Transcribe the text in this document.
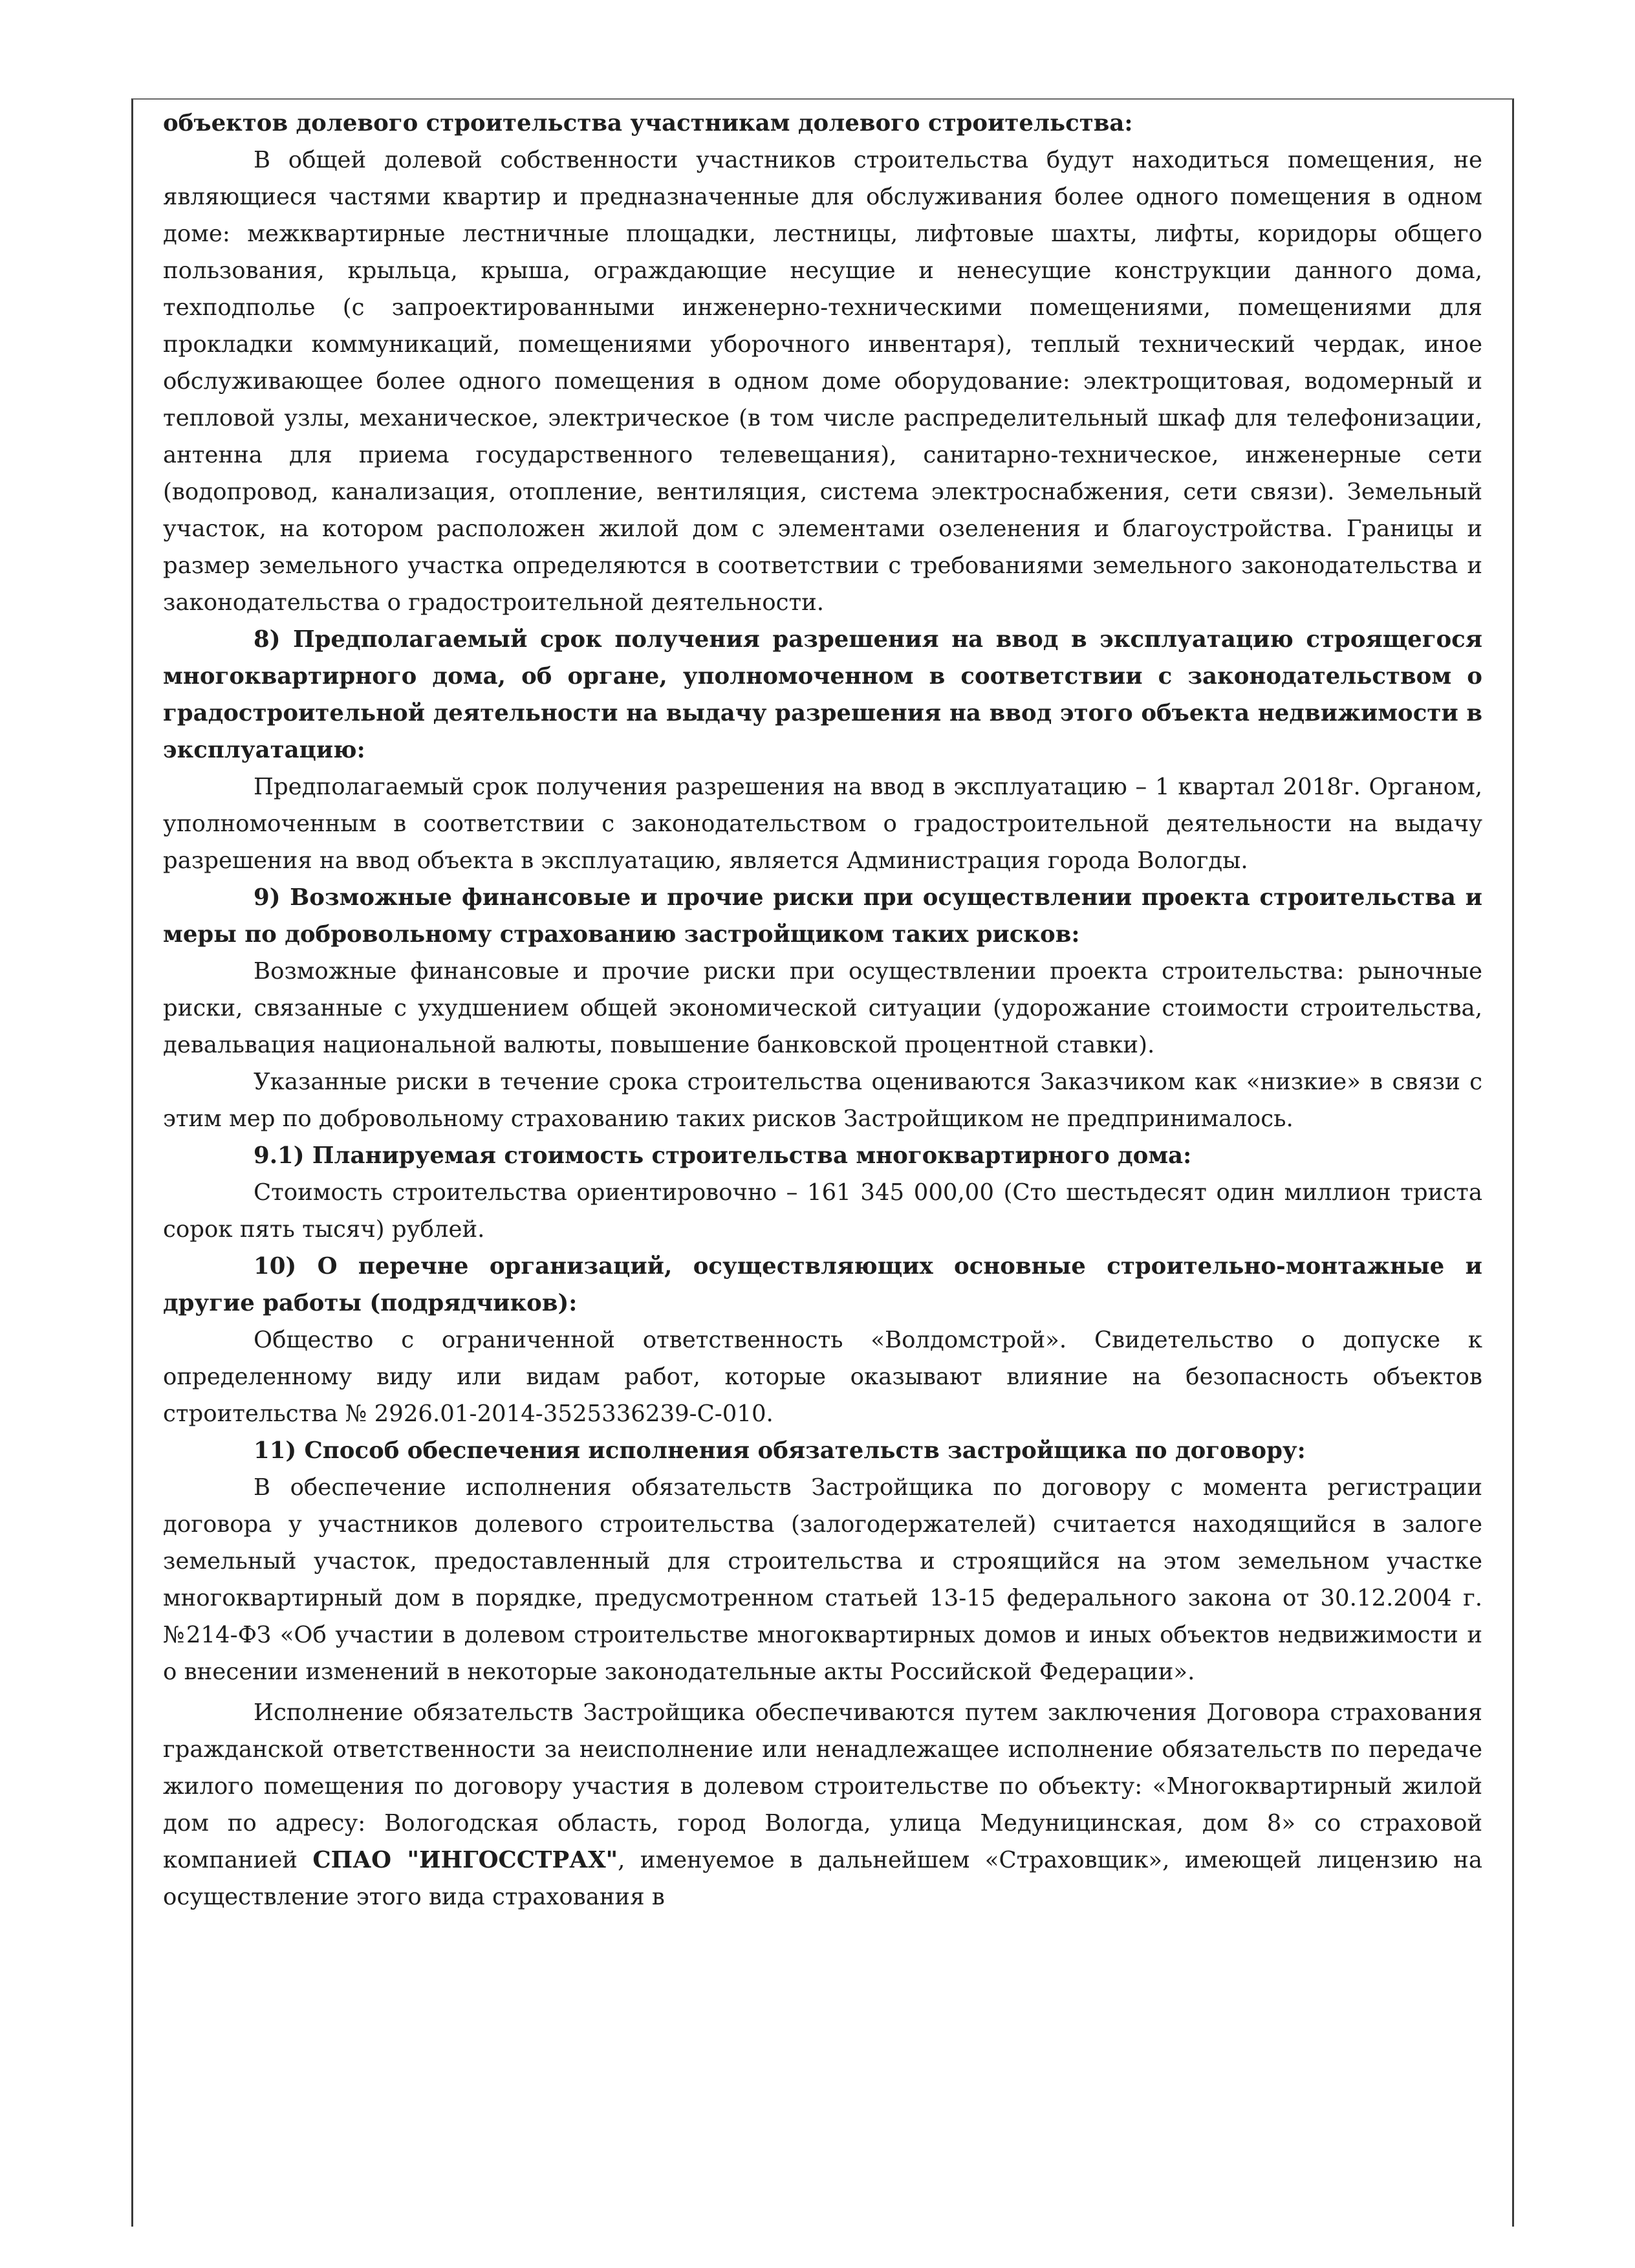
объектов долевого строительства участникам долевого строительства:

В общей долевой собственности участников строительства будут находиться помещения, не являющиеся частями квартир и предназначенные для обслуживания более одного помещения в одном доме: межквартирные лестничные площадки, лестницы, лифтовые шахты, лифты, коридоры общего пользования, крыльца, крыша, ограждающие несущие и ненесущие конструкции данного дома, техподполье (с запроектированными инженерно-техническими помещениями, помещениями для прокладки коммуникаций, помещениями уборочного инвентаря), теплый технический чердак, иное обслуживающее более одного помещения в одном доме оборудование: электрощитовая, водомерный и тепловой узлы, механическое, электрическое (в том числе распределительный шкаф для телефонизации, антенна для приема государственного телевещания), санитарно-техническое, инженерные сети (водопровод, канализация, отопление, вентиляция, система электроснабжения, сети связи). Земельный участок, на котором расположен жилой дом с элементами озеленения и благоустройства. Границы и размер земельного участка определяются в соответствии с требованиями земельного законодательства и законодательства о градостроительной деятельности.

8) Предполагаемый срок получения разрешения на ввод в эксплуатацию строящегося многоквартирного дома, об органе, уполномоченном в соответствии с законодательством о градостроительной деятельности на выдачу разрешения на ввод этого объекта недвижимости в эксплуатацию:

Предполагаемый срок получения разрешения на ввод в эксплуатацию – 1 квартал 2018г. Органом, уполномоченным в соответствии с законодательством о градостроительной деятельности на выдачу разрешения на ввод объекта в эксплуатацию, является Администрация города Вологды.

9) Возможные финансовые и прочие риски при осуществлении проекта строительства и меры по добровольному страхованию застройщиком таких рисков:

Возможные финансовые и прочие риски при осуществлении проекта строительства: рыночные риски, связанные с ухудшением общей экономической ситуации (удорожание стоимости строительства, девальвация национальной валюты, повышение банковской процентной ставки).

Указанные риски в течение срока строительства оцениваются Заказчиком как «низкие» в связи с этим мер по добровольному страхованию таких рисков Застройщиком не предпринималось.

9.1) Планируемая стоимость строительства многоквартирного дома:

Стоимость строительства ориентировочно – 161 345 000,00 (Сто шестьдесят один миллион триста сорок пять тысяч) рублей.

10) О перечне организаций, осуществляющих основные строительно-монтажные и другие работы (подрядчиков):

Общество с ограниченной ответственность «Волдомстрой». Свидетельство о допуске к определенному виду или видам работ, которые оказывают влияние на безопасность объектов строительства № 2926.01-2014-3525336239-С-010.

11) Способ обеспечения исполнения обязательств застройщика по договору:

В обеспечение исполнения обязательств Застройщика по договору с момента регистрации договора у участников долевого строительства (залогодержателей) считается находящийся в залоге земельный участок, предоставленный для строительства и строящийся на этом земельном участке многоквартирный дом в порядке, предусмотренном статьей 13-15 федерального закона от 30.12.2004 г. №214-ФЗ «Об участии в долевом строительстве многоквартирных домов и иных объектов недвижимости и о внесении изменений в некоторые законодательные акты Российской Федерации».

Исполнение обязательств Застройщика обеспечиваются путем заключения Договора страхования гражданской ответственности за неисполнение или ненадлежащее исполнение обязательств по передаче жилого помещения по договору участия в долевом строительстве по объекту: «Многоквартирный жилой дом по адресу: Вологодская область, город Вологда, улица Медуницинская, дом 8» со страховой компанией СПАО "ИНГОССТРАХ", именуемое в дальнейшем «Страховщик», имеющей лицензию на осуществление этого вида страхования в
